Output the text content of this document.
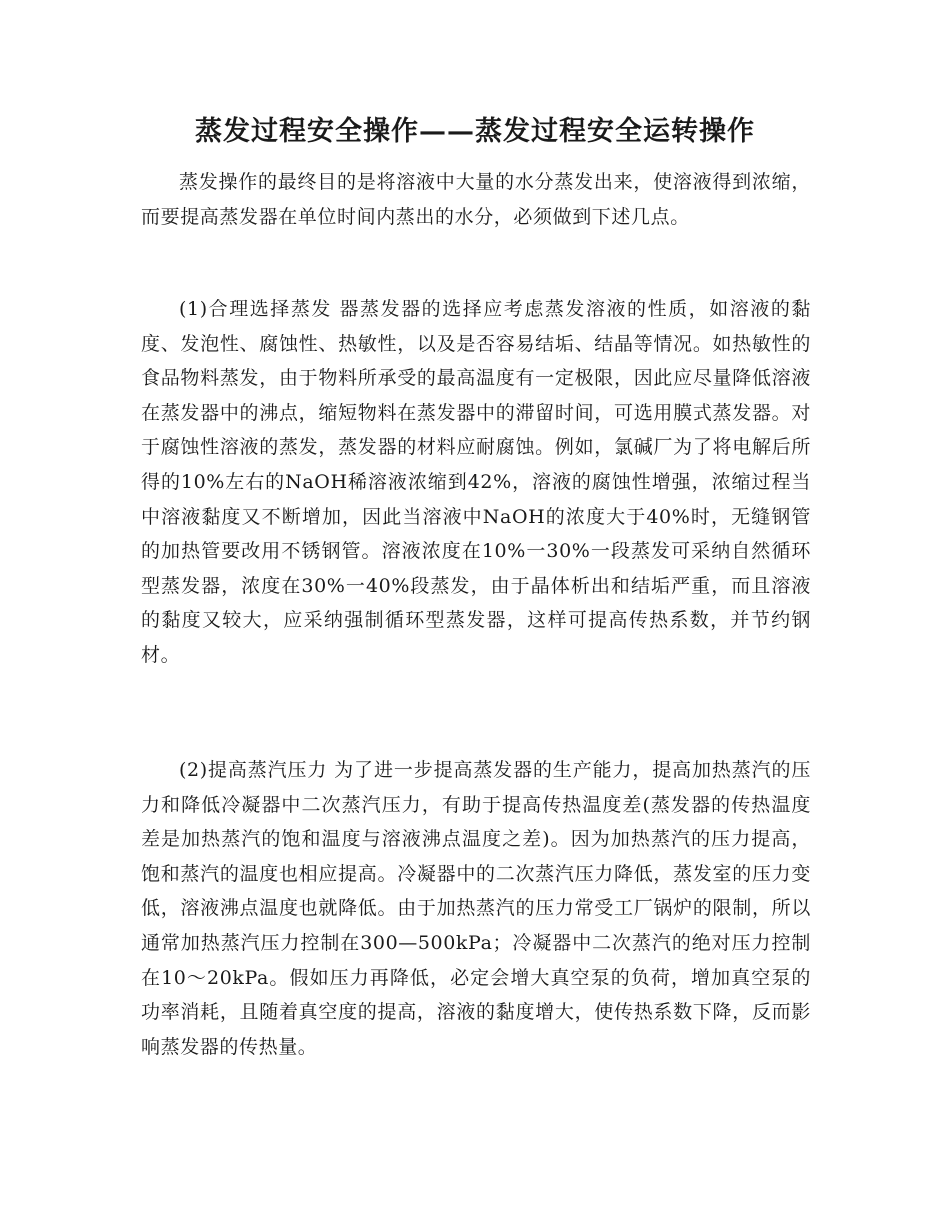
蒸发过程安全操作——蒸发过程安全运转操作

蒸发操作的最终目的是将溶液中大量的水分蒸发出来，使溶液得到浓缩，而要提高蒸发器在单位时间内蒸出的水分，必须做到下述几点。

(1)合理选择蒸发 器蒸发器的选择应考虑蒸发溶液的性质，如溶液的黏度、发泡性、腐蚀性、热敏性，以及是否容易结垢、结晶等情况。如热敏性的食品物料蒸发，由于物料所承受的最高温度有一定极限，因此应尽量降低溶液在蒸发器中的沸点，缩短物料在蒸发器中的滞留时间，可选用膜式蒸发器。对于腐蚀性溶液的蒸发，蒸发器的材料应耐腐蚀。例如，氯碱厂为了将电解后所得的10%左右的NaOH稀溶液浓缩到42%，溶液的腐蚀性增强，浓缩过程当中溶液黏度又不断增加，因此当溶液中NaOH的浓度大于40%时，无缝钢管的加热管要改用不锈钢管。溶液浓度在10%一30%一段蒸发可采纳自然循环型蒸发器，浓度在30%一40%段蒸发，由于晶体析出和结垢严重，而且溶液的黏度又较大，应采纳强制循环型蒸发器，这样可提高传热系数，并节约钢材。

(2)提高蒸汽压力 为了进一步提高蒸发器的生产能力，提高加热蒸汽的压力和降低冷凝器中二次蒸汽压力，有助于提高传热温度差(蒸发器的传热温度差是加热蒸汽的饱和温度与溶液沸点温度之差)。因为加热蒸汽的压力提高，饱和蒸汽的温度也相应提高。冷凝器中的二次蒸汽压力降低，蒸发室的压力变低，溶液沸点温度也就降低。由于加热蒸汽的压力常受工厂锅炉的限制，所以通常加热蒸汽压力控制在300—500kPa；冷凝器中二次蒸汽的绝对压力控制在10～20kPa。假如压力再降低，必定会增大真空泵的负荷，增加真空泵的功率消耗，且随着真空度的提高，溶液的黏度增大，使传热系数下降，反而影响蒸发器的传热量。
